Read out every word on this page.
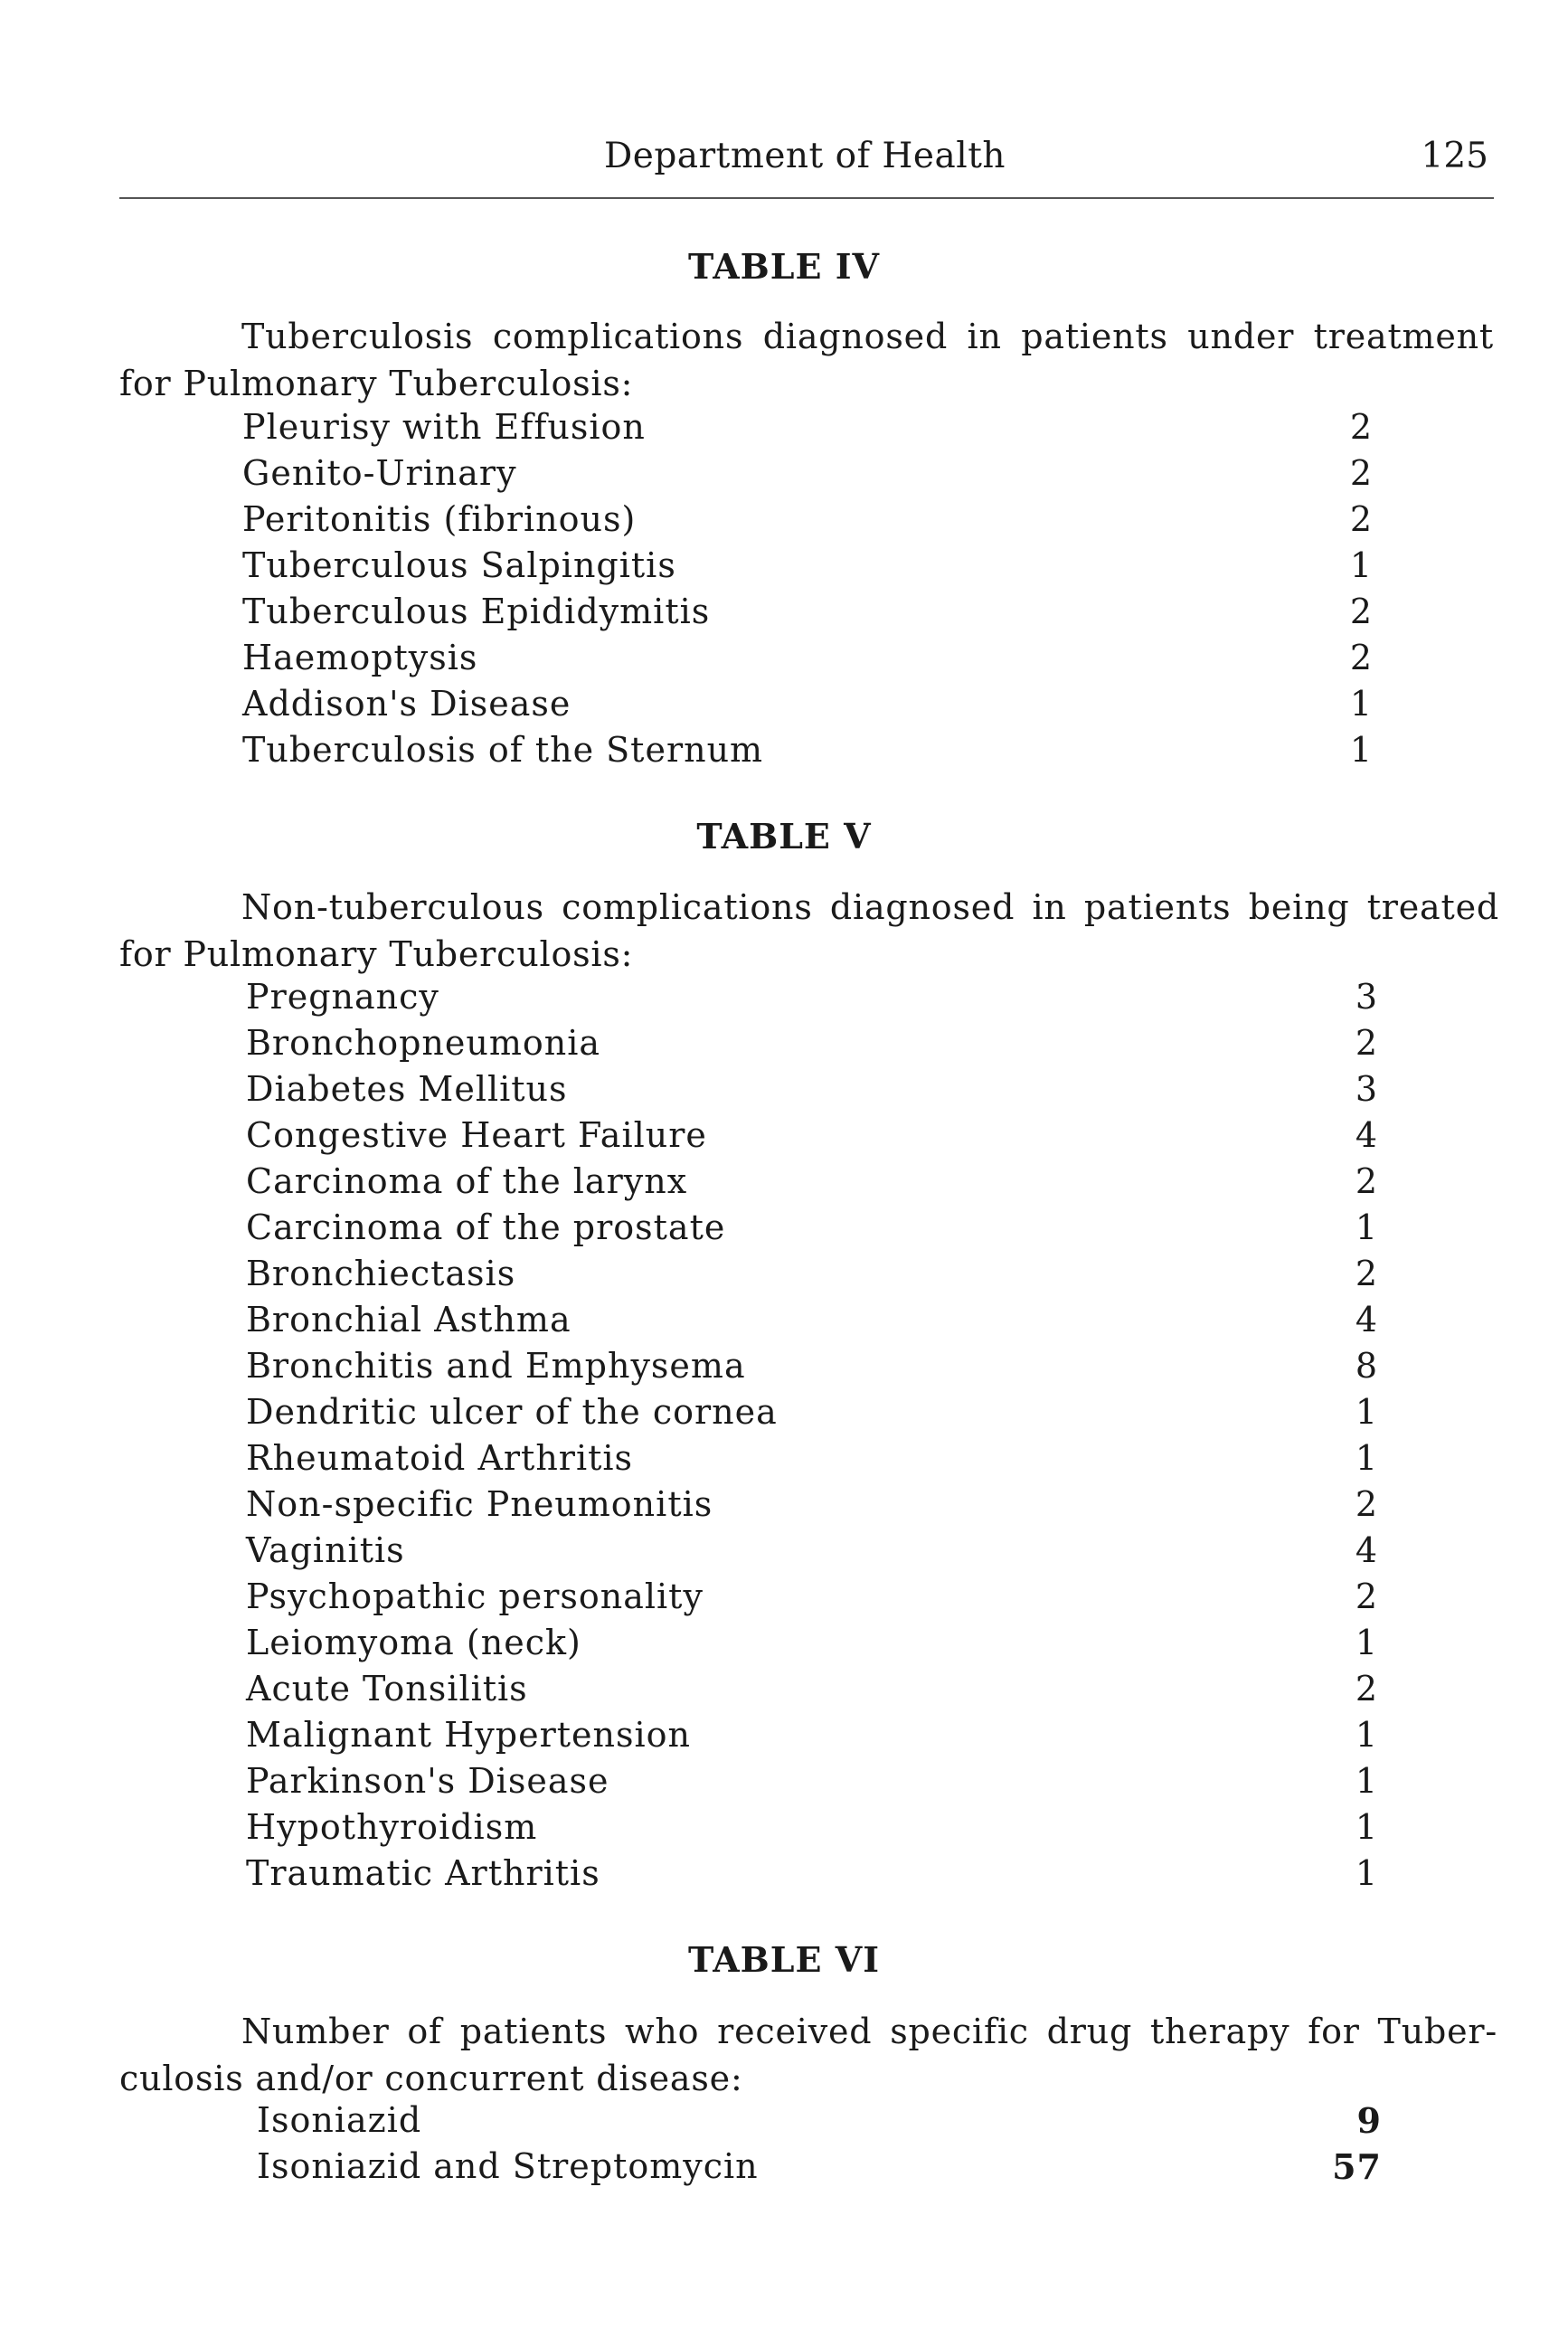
Department of Health	125
TABLE IV
Tuberculosis complications diagnosed in patients under treatment
for Pulmonary Tuberculosis:
Pleurisy with Effusion	2
Genito-Urinary	2
Peritonitis (fibrinous)	2
Tuberculous Salpingitis	1
Tuberculous Epididymitis	2
Haemoptysis	2
Addison's Disease	1
Tuberculosis of the Sternum	1
TABLE V
Non-tuberculous complications diagnosed in patients being treated
for Pulmonary Tuberculosis:
Pregnancy	3
Bronchopneumonia	2
Diabetes Mellitus	3
Congestive Heart Failure	4
Carcinoma of the larynx	2
Carcinoma of the prostate	1
Bronchiectasis	2
Bronchial Asthma	4
Bronchitis and Emphysema	8
Dendritic ulcer of the cornea	1
Rheumatoid Arthritis	1
Non-specific Pneumonitis	2
Vaginitis	4
Psychopathic personality	2
Leiomyoma (neck)	1
Acute Tonsilitis	2
Malignant Hypertension	1
Parkinson's Disease	1
Hypothyroidism	1
Traumatic Arthritis	1
TABLE VI
Number of patients who received specific drug therapy for Tuber-
culosis and/or concurrent disease:
Isoniazid	9
Isoniazid and Streptomycin	57
